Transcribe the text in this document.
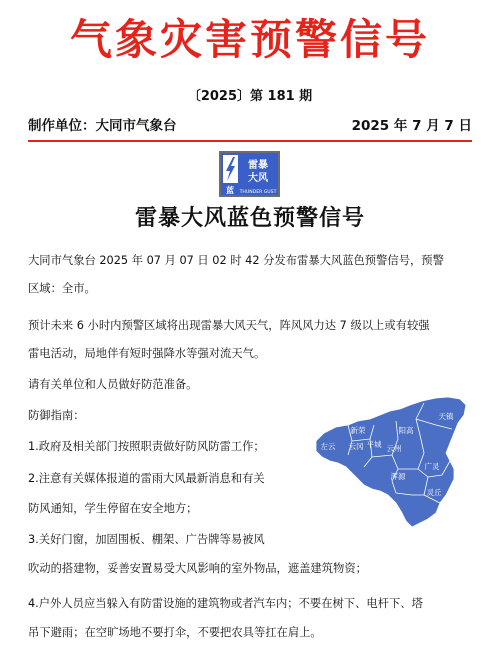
气象灾害预警信号
〔2025〕第 181 期
制作单位：大同市气象台	2025 年 7 月 7 日
雷暴
大风
蓝 THUNDER GUST
雷暴大风蓝色预警信号

大同市气象台 2025 年 07 月 07 日 02 时 42 分发布雷暴大风蓝色预警信号，预警

区域：全市。

预计未来 6 小时内预警区域将出现雷暴大风天气，阵风风力达 7 级以上或有较强

雷电活动，局地伴有短时强降水等强对流天气。

请有关单位和人员做好防范准备。

防御指南：

1.政府及相关部门按照职责做好防风防雷工作；

2.注意有关媒体报道的雷雨大风最新消息和有关

防风通知，学生停留在安全地方；

3.关好门窗，加固围板、棚架、广告牌等易被风

吹动的搭建物，妥善安置易受大风影响的室外物品，遮盖建筑物资；

4.户外人员应当躲入有防雷设施的建筑物或者汽车内；不要在树下、电杆下、塔

吊下避雨；在空旷场地不要打伞，不要把农具等扛在肩上。

新荣	阳高
天镇
左云 云冈 平城 云州
浑源
广灵
灵丘
